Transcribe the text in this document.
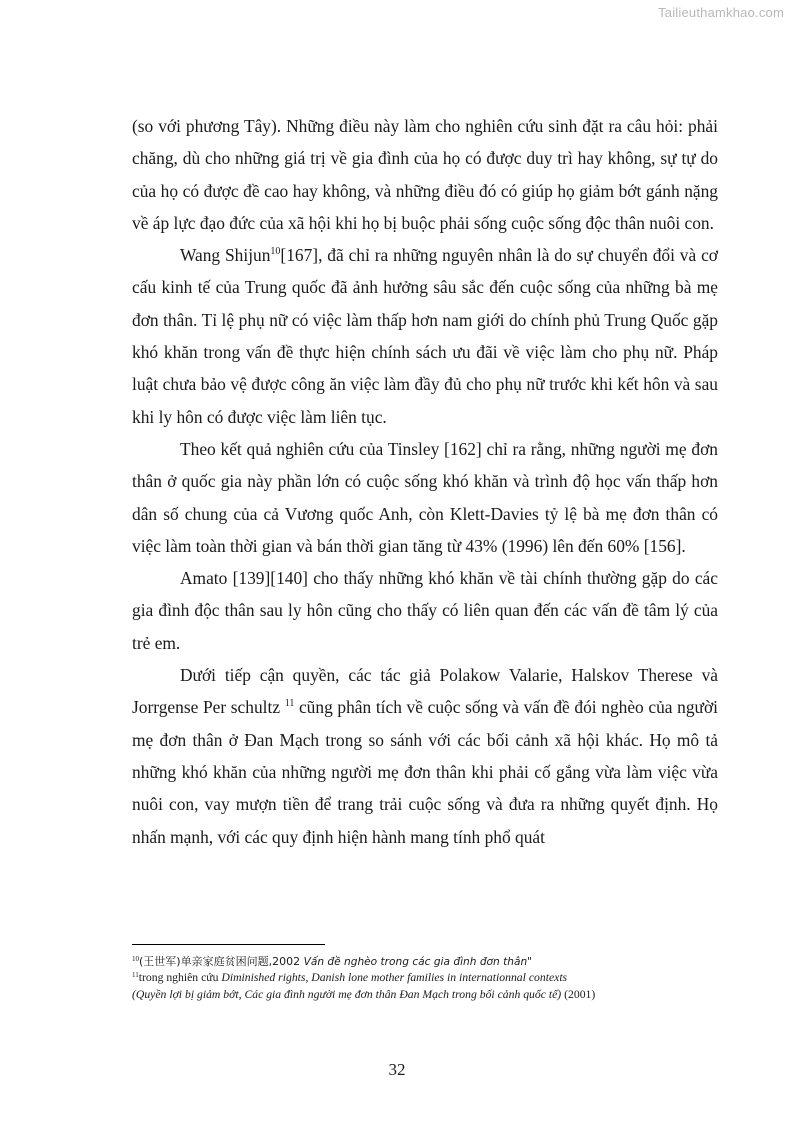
Tailieuthamkhao.com

(so với phương Tây). Những điều này làm cho nghiên cứu sinh đặt ra câu hỏi: phải chăng, dù cho những giá trị về gia đình của họ có được duy trì hay không, sự tự do của họ có được đề cao hay không, và những điều đó có giúp họ giảm bớt gánh nặng về áp lực đạo đức của xã hội khi họ bị buộc phải sống cuộc sống độc thân nuôi con.

Wang Shijun$^{10}$[167], đã chỉ ra những nguyên nhân là do sự chuyển đổi và cơ cấu kinh tế của Trung quốc đã ảnh hưởng sâu sắc đến cuộc sống của những bà mẹ đơn thân. Tỉ lệ phụ nữ có việc làm thấp hơn nam giới do chính phủ Trung Quốc gặp khó khăn trong vấn đề thực hiện chính sách ưu đãi về việc làm cho phụ nữ. Pháp luật chưa bảo vệ được công ăn việc làm đầy đủ cho phụ nữ trước khi kết hôn và sau khi ly hôn có được việc làm liên tục.

Theo kết quả nghiên cứu của Tinsley [162] chỉ ra rằng, những người mẹ đơn thân ở quốc gia này phần lớn có cuộc sống khó khăn và trình độ học vấn thấp hơn dân số chung của cả Vương quốc Anh, còn Klett-Davies tỷ lệ bà mẹ đơn thân có việc làm toàn thời gian và bán thời gian tăng từ 43% (1996) lên đến 60% [156].

Amato [139][140] cho thấy những khó khăn về tài chính thường gặp do các gia đình độc thân sau ly hôn cũng cho thấy có liên quan đến các vấn đề tâm lý của trẻ em.

Dưới tiếp cận quyền, các tác giả Polakow Valarie, Halskov Therese và Jorrgense Per schultz $^{11}$ cũng phân tích về cuộc sống và vấn đề đói nghèo của người mẹ đơn thân ở Đan Mạch trong so sánh với các bối cảnh xã hội khác. Họ mô tả những khó khăn của những người mẹ đơn thân khi phải cố gắng vừa làm việc vừa nuôi con, vay mượn tiền để trang trải cuộc sống và đưa ra những quyết định. Họ nhấn mạnh, với các quy định hiện hành mang tính phổ quát

$^{10}$(王世军)单亲家庭贫困问题,2002 Vấn đề nghèo trong các gia đình đơn thân"

$^{11}$trong nghiên cứu Diminished rights, Danish lone mother families in internationnal contexts
(Quyền lợi bị giảm bớt, Các gia đình người mẹ đơn thân Đan Mạch trong bối cảnh quốc tế) (2001)

32
